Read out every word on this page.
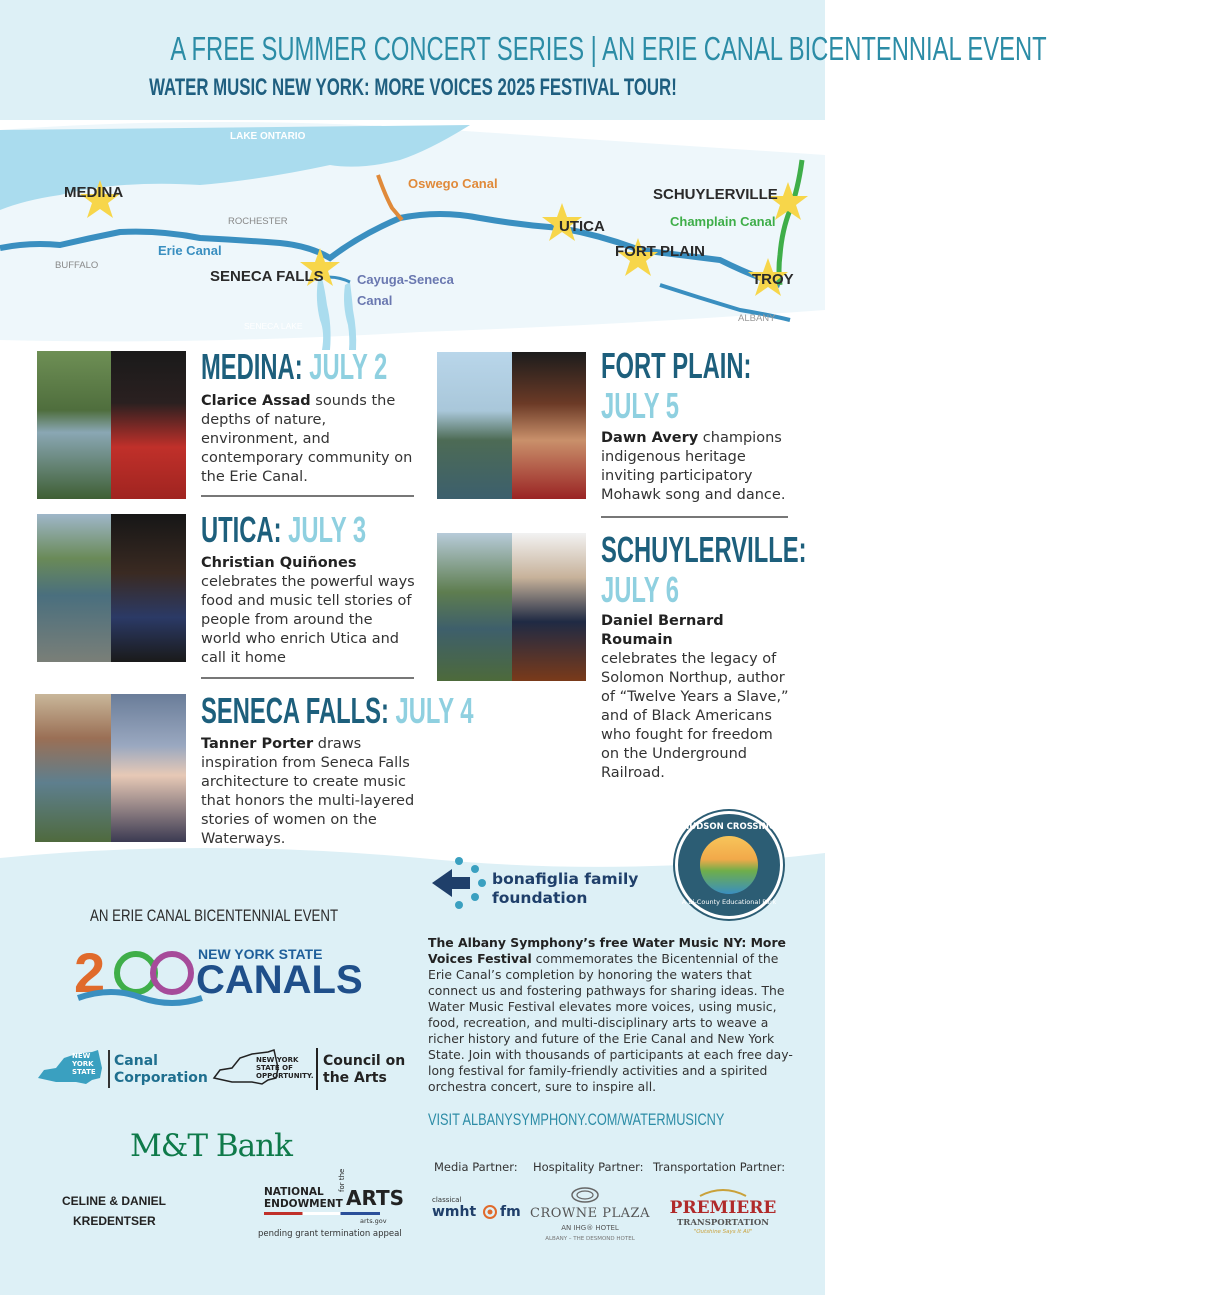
A FREE SUMMER CONCERT SERIES | AN ERIE CANAL BICENTENNIAL EVENT
WATER MUSIC NEW YORK: MORE VOICES 2025 FESTIVAL TOUR!
LAKE ONTARIO
Oswego Canal
ROCHESTER
Erie Canal
BUFFALO
Cayuga-Seneca
Canal
SENECA LAKE
CAYUGA LAKE
Champlain Canal
ALBANY
MEDINA
SENECA FALLS
UTICA
FORT PLAIN
SCHUYLERVILLE
TROY
MEDINA: JULY 2
Clarice Assad sounds the depths of nature, environment, and contemporary community on the Erie Canal.
UTICA: JULY 3
Christian Quiñones
celebrates the powerful ways food and music tell stories of people from around the world who enrich Utica and call it home
SENECA FALLS: JULY 4
Tanner Porter draws inspiration from Seneca Falls architecture to create music that honors the multi-layered stories of women on the Waterways.
FORT PLAIN:
JULY 5
Dawn Avery champions indigenous heritage inviting participatory Mohawk song and dance.
SCHUYLERVILLE:
JULY 6
Daniel Bernard Roumain
celebrates the legacy of Solomon Northup, author of “Twelve Years a Slave,” and of Black Americans who fought for freedom on the Underground Railroad.
AN ERIE CANAL BICENTENNIAL EVENT
2	NEW YORK STATE
CANALS
NEW YORK STATE
Canal Corporation
NEW YORK STATE OF OPPORTUNITY.
Council on the Arts
M&T Bank
CELINE & DANIEL
KREDENTSER
NATIONAL
ENDOWMENT
for the
ARTS
arts.gov
pending grant termination appeal
bonafiglia family foundation
HUDSON CROSSING
A Bi-County Educational Park
The Albany Symphony’s free Water Music NY: More Voices Festival commemorates the Bicentennial of the Erie Canal’s completion by honoring the waters that connect us and fostering pathways for sharing ideas. The Water Music Festival elevates more voices, using music, food, recreation, and multi-disciplinary arts to weave a richer history and future of the Erie Canal and New York State. Join with thousands of participants at each free day-long festival for family-friendly activities and a spirited orchestra concert, sure to inspire all.
VISIT ALBANYSYMPHONY.COM/WATERMUSICNY
Media Partner: Hospitality Partner: Transportation Partner:
classical
wmht fm CROWNE PLAZA
AN IHG® HOTEL
ALBANY – THE DESMOND HOTEL
PREMIERE
TRANSPORTATION
"Outshine Says It All"
